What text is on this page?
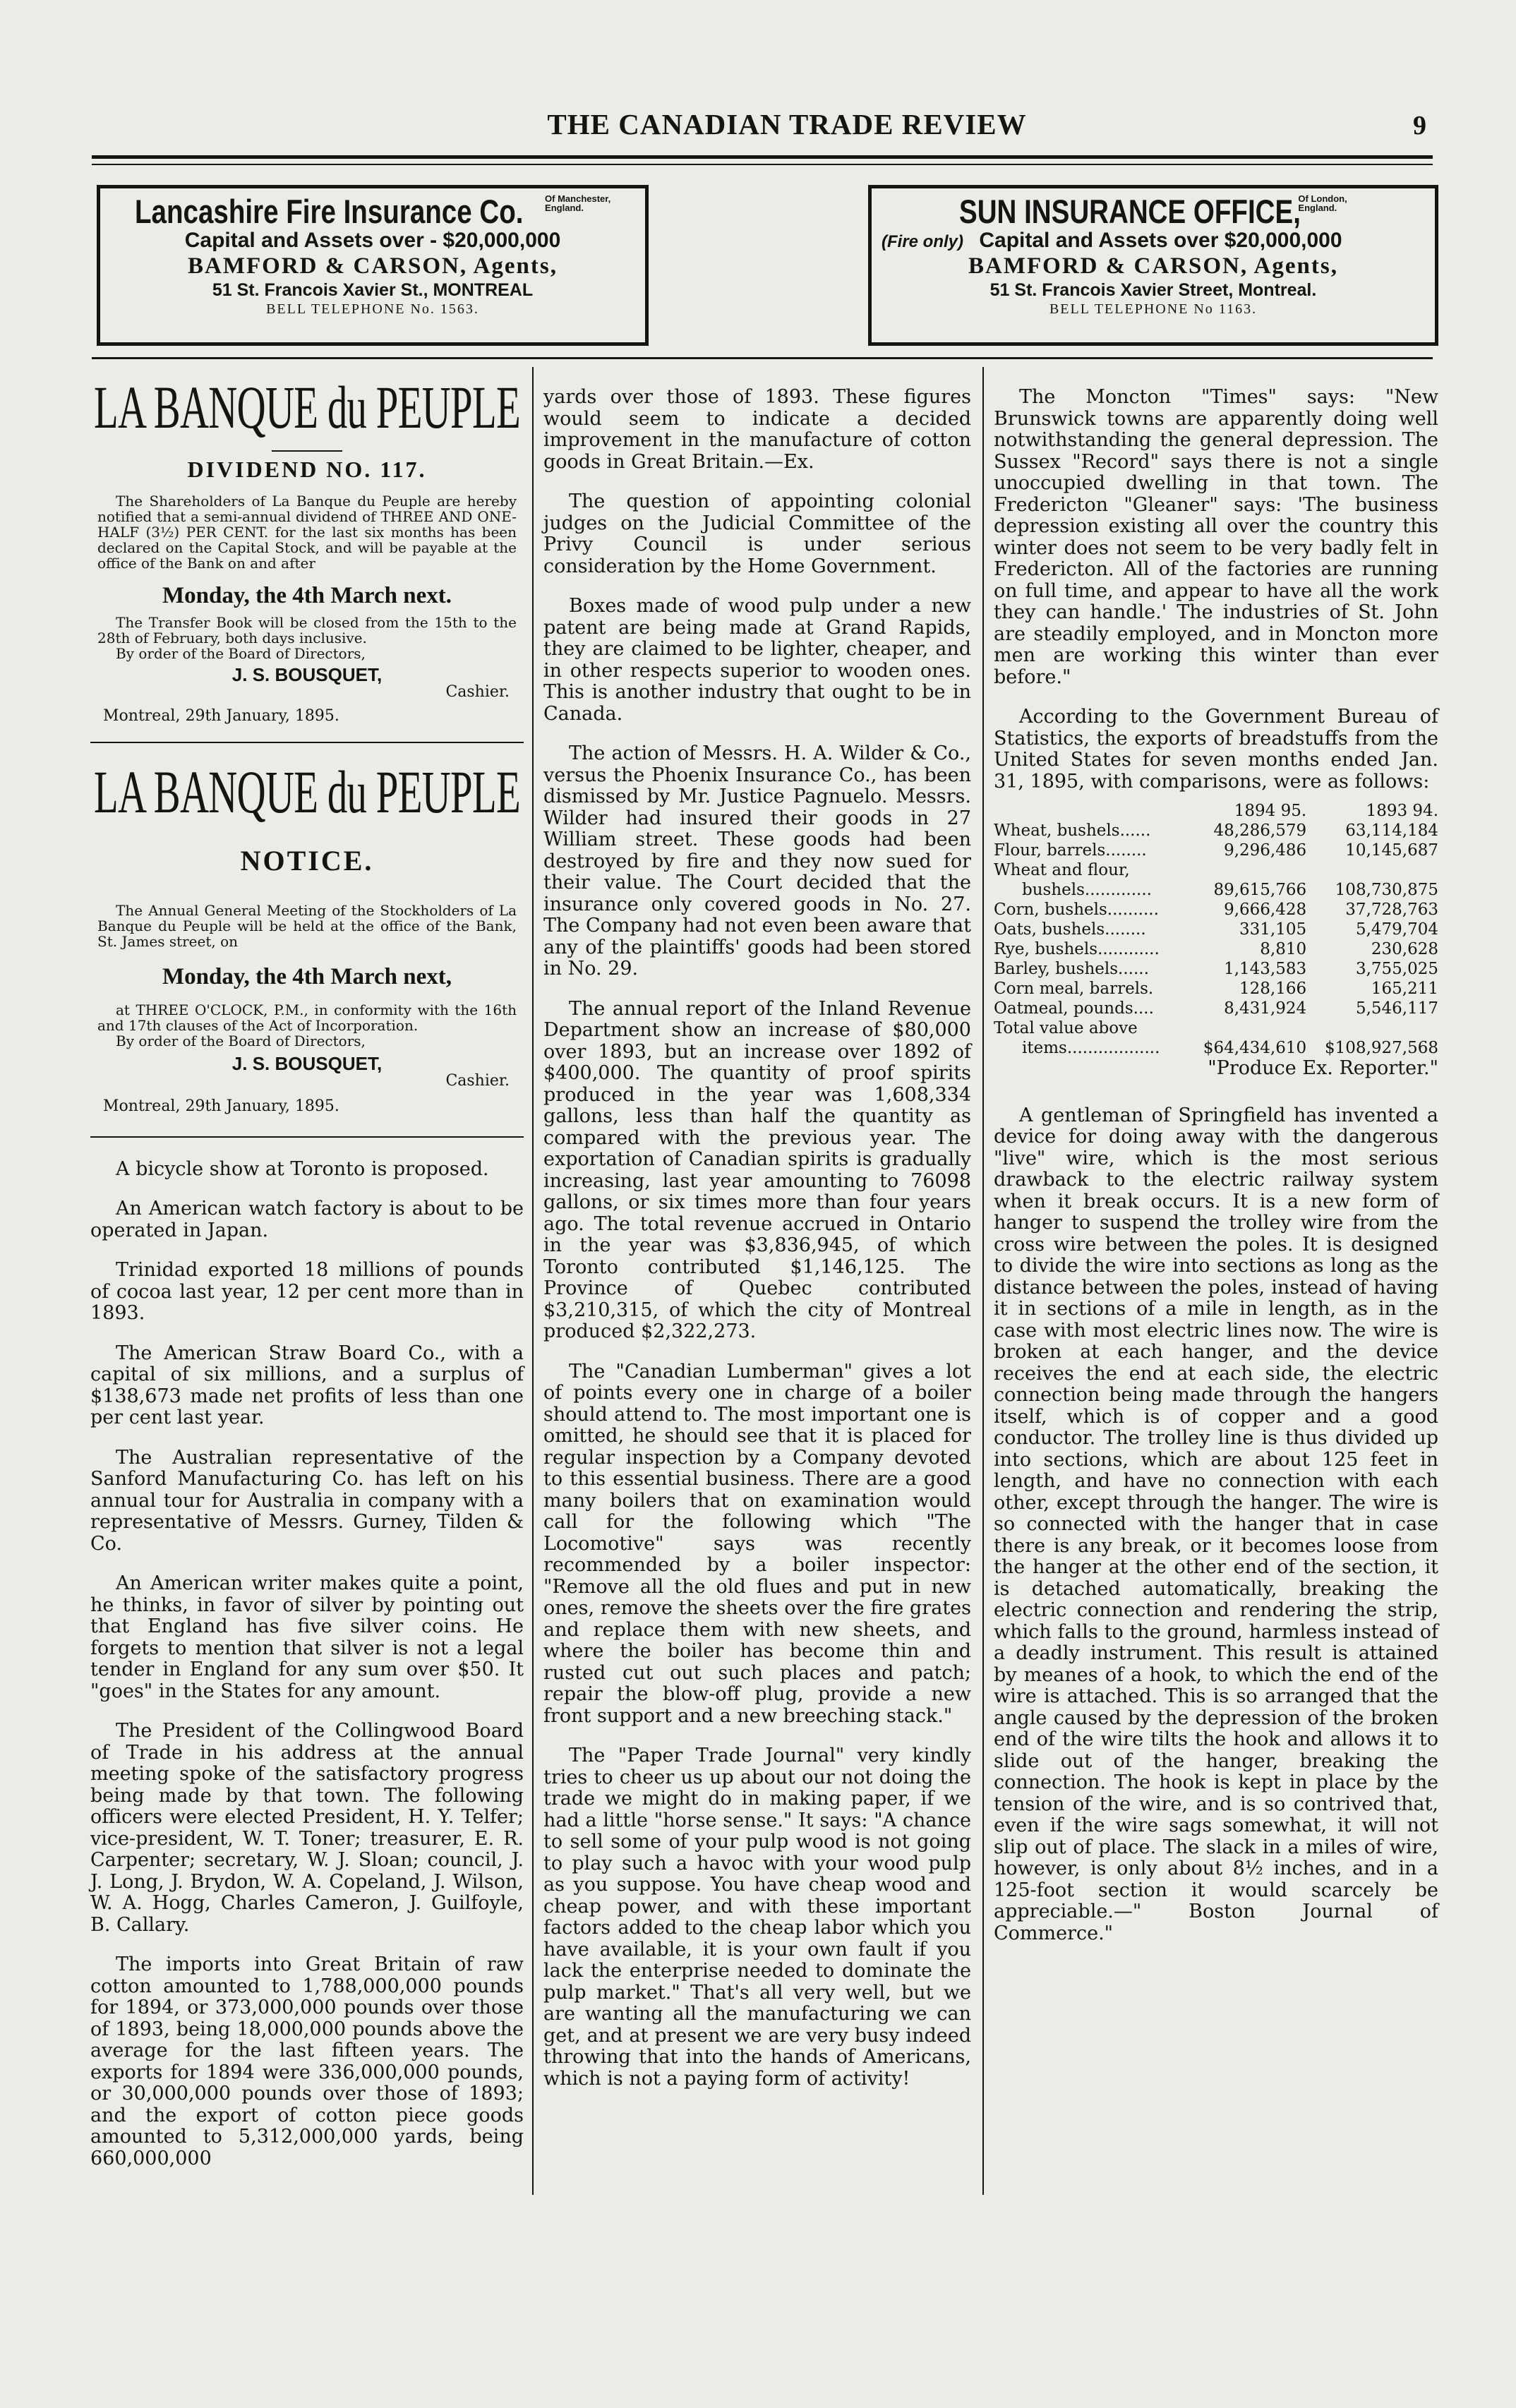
THE CANADIAN TRADE REVIEW	9
Lancashire Fire Insurance Co. Of Manchester,
England.
Capital and Assets over - $20,000,000
BAMFORD & CARSON, Agents,
51 St. Francois Xavier St., MONTREAL
BELL TELEPHONE No. 1563.
SUN INSURANCE OFFICE,Of London,
England.
(Fire only) Capital and Assets over $20,000,000
BAMFORD & CARSON, Agents,
51 St. Francois Xavier Street, Montreal.
BELL TELEPHONE No 1163.
LA BANQUE du PEUPLE
DIVIDEND NO. 117.

The Shareholders of La Banque du Peuple are hereby notified that a semi-annual dividend of THREE AND ONE-HALF (3½) PER CENT. for the last six months has been declared on the Capital Stock, and will be payable at the office of the Bank on and after

Monday, the 4th March next.

The Transfer Book will be closed from the 15th to the 28th of February, both days inclusive.

By order of the Board of Directors,

J. S. BOUSQUET,
Cashier.
Montreal, 29th January, 1895.
LA BANQUE du PEUPLE
NOTICE.

The Annual General Meeting of the Stockholders of La Banque du Peuple will be held at the office of the Bank, St. James street, on

Monday, the 4th March next,

at THREE O'CLOCK, P.M., in conformity with the 16th and 17th clauses of the Act of Incorporation.

By order of the Board of Directors,

J. S. BOUSQUET,
Cashier.
Montreal, 29th January, 1895.

A bicycle show at Toronto is proposed.

An American watch factory is about to be operated in Japan.

Trinidad exported 18 millions of pounds of cocoa last year, 12 per cent more than in 1893.

The American Straw Board Co., with a capital of six millions, and a surplus of $138,673 made net profits of less than one per cent last year.

The Australian representative of the Sanford Manufacturing Co. has left on his annual tour for Australia in company with a representative of Messrs. Gurney, Tilden & Co.

An American writer makes quite a point, he thinks, in favor of silver by pointing out that England has five silver coins. He forgets to mention that silver is not a legal tender in England for any sum over $50. It "goes" in the States for any amount.

The President of the Collingwood Board of Trade in his address at the annual meeting spoke of the satisfactory progress being made by that town. The following officers were elected President, H. Y. Telfer; vice-president, W. T. Toner; treasurer, E. R. Carpenter; secretary, W. J. Sloan; council, J. J. Long, J. Brydon, W. A. Copeland, J. Wilson, W. A. Hogg, Charles Cameron, J. Guilfoyle, B. Callary.

The imports into Great Britain of raw cotton amounted to 1,788,000,000 pounds for 1894, or 373,000,000 pounds over those of 1893, being 18,000,000 pounds above the average for the last fifteen years. The exports for 1894 were 336,000,000 pounds, or 30,000,000 pounds over those of 1893; and the export of cotton piece goods amounted to 5,312,000,000 yards, being 660,000,000

yards over those of 1893. These figures would seem to indicate a decided improvement in the manufacture of cotton goods in Great Britain.—Ex.

The question of appointing colonial judges on the Judicial Committee of the Privy Council is under serious consideration by the Home Government.

Boxes made of wood pulp under a new patent are being made at Grand Rapids, they are claimed to be lighter, cheaper, and in other respects superior to wooden ones. This is another industry that ought to be in Canada.

The action of Messrs. H. A. Wilder & Co., versus the Phoenix Insurance Co., has been dismissed by Mr. Justice Pagnuelo. Messrs. Wilder had insured their goods in 27 William street. These goods had been destroyed by fire and they now sued for their value. The Court decided that the insurance only covered goods in No. 27. The Company had not even been aware that any of the plaintiffs' goods had been stored in No. 29.

The annual report of the Inland Revenue Department show an increase of $80,000 over 1893, but an increase over 1892 of $400,000. The quantity of proof spirits produced in the year was 1,608,334 gallons, less than half the quantity as compared with the previous year. The exportation of Canadian spirits is gradually increasing, last year amounting to 76098 gallons, or six times more than four years ago. The total revenue accrued in Ontario in the year was $3,836,945, of which Toronto contributed $1,146,125. The Province of Quebec contributed $3,210,315, of which the city of Montreal produced $2,322,273.

The "Canadian Lumberman" gives a lot of points every one in charge of a boiler should attend to. The most important one is omitted, he should see that it is placed for regular inspection by a Company devoted to this essential business. There are a good many boilers that on examination would call for the following which "The Locomotive" says was recently recommended by a boiler inspector: "Remove all the old flues and put in new ones, remove the sheets over the fire grates and replace them with new sheets, and where the boiler has become thin and rusted cut out such places and patch; repair the blow-off plug, provide a new front support and a new breeching stack."

The "Paper Trade Journal" very kindly tries to cheer us up about our not doing the trade we might do in making paper, if we had a little "horse sense." It says: "A chance to sell some of your pulp wood is not going to play such a havoc with your wood pulp as you suppose. You have cheap wood and cheap power, and with these important factors added to the cheap labor which you have available, it is your own fault if you lack the enterprise needed to dominate the pulp market." That's all very well, but we are wanting all the manufacturing we can get, and at present we are very busy indeed throwing that into the hands of Americans, which is not a paying form of activity!

The Moncton "Times" says: "New Brunswick towns are apparently doing well notwithstanding the general depression. The Sussex "Record" says there is not a single unoccupied dwelling in that town. The Fredericton "Gleaner" says: 'The business depression existing all over the country this winter does not seem to be very badly felt in Fredericton. All of the factories are running on full time, and appear to have all the work they can handle.' The industries of St. John are steadily employed, and in Moncton more men are working this winter than ever before."

According to the Government Bureau of Statistics, the exports of breadstuffs from the United States for seven months ended Jan. 31, 1895, with comparisons, were as follows:

	1894 95.	1893 94.
Wheat, bushels......	48,286,579	63,114,184
Flour, barrels........	9,296,486	10,145,687
Wheat and flour,		
bushels.............	89,615,766	108,730,875
Corn, bushels..........	9,666,428	37,728,763
Oats, bushels........	331,105	5,479,704
Rye, bushels............	8,810	230,628
Barley, bushels......	1,143,583	3,755,025
Corn meal, barrels.	128,166	165,211
Oatmeal, pounds....	8,431,924	5,546,117
Total value above		
items..................	$64,434,610	$108,927,568
"Produce Ex. Reporter."

A gentleman of Springfield has invented a device for doing away with the dangerous "live" wire, which is the most serious drawback to the electric railway system when it break occurs. It is a new form of hanger to suspend the trolley wire from the cross wire between the poles. It is designed to divide the wire into sections as long as the distance between the poles, instead of having it in sections of a mile in length, as in the case with most electric lines now. The wire is broken at each hanger, and the device receives the end at each side, the electric connection being made through the hangers itself, which is of copper and a good conductor. The trolley line is thus divided up into sections, which are about 125 feet in length, and have no connection with each other, except through the hanger. The wire is so connected with the hanger that in case there is any break, or it becomes loose from the hanger at the other end of the section, it is detached automatically, breaking the electric connection and rendering the strip, which falls to the ground, harmless instead of a deadly instrument. This result is attained by meanes of a hook, to which the end of the wire is attached. This is so arranged that the angle caused by the depression of the broken end of the wire tilts the hook and allows it to slide out of the hanger, breaking the connection. The hook is kept in place by the tension of the wire, and is so contrived that, even if the wire sags somewhat, it will not slip out of place. The slack in a miles of wire, however, is only about 8½ inches, and in a 125-foot section it would scarcely be appreciable.—" Boston Journal of Commerce."
